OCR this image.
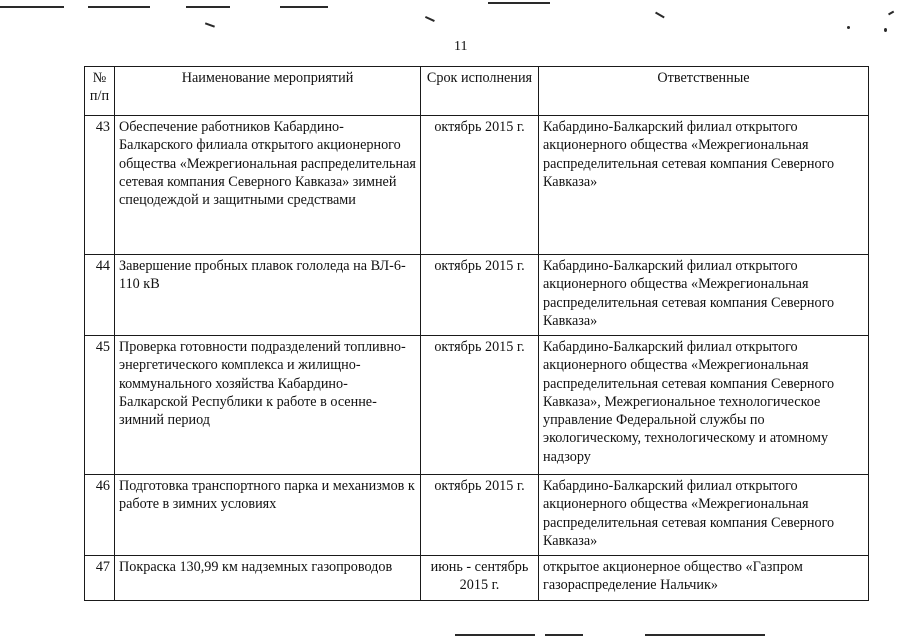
11
№ п/п	Наименование мероприятий	Срок исполнения	Ответственные
43	Обеспечение работников Кабардино-Балкарского филиала открытого акционерного общества «Межрегиональная распределительная сетевая компания Северного Кавказа» зимней спецодеждой и защитными средствами	октябрь 2015 г.	Кабардино-Балкарский филиал открытого акционерного общества «Межрегиональная распределительная сетевая компания Северного Кавказа»
44	Завершение пробных плавок гололеда на ВЛ-6-110 кВ	октябрь 2015 г.	Кабардино-Балкарский филиал открытого акционерного общества «Межрегиональная распределительная сетевая компания Северного Кавказа»
45	Проверка готовности подразделений топливно-энергетического комплекса и жилищно-коммунального хозяйства Кабардино-Балкарской Республики к работе в осенне-зимний период	октябрь 2015 г.	Кабардино-Балкарский филиал открытого акционерного общества «Межрегиональная распределительная сетевая компания Северного Кавказа», Межрегиональное технологическое управление Федеральной службы по экологическому, технологическому и атомному надзору
46	Подготовка транспортного парка и механизмов к работе в зимних условиях	октябрь 2015 г.	Кабардино-Балкарский филиал открытого акционерного общества «Межрегиональная распределительная сетевая компания Северного Кавказа»
47	Покраска 130,99 км надземных газопроводов	июнь - сентябрь 2015 г.	открытое акционерное общество «Газпром газораспределение Нальчик»
